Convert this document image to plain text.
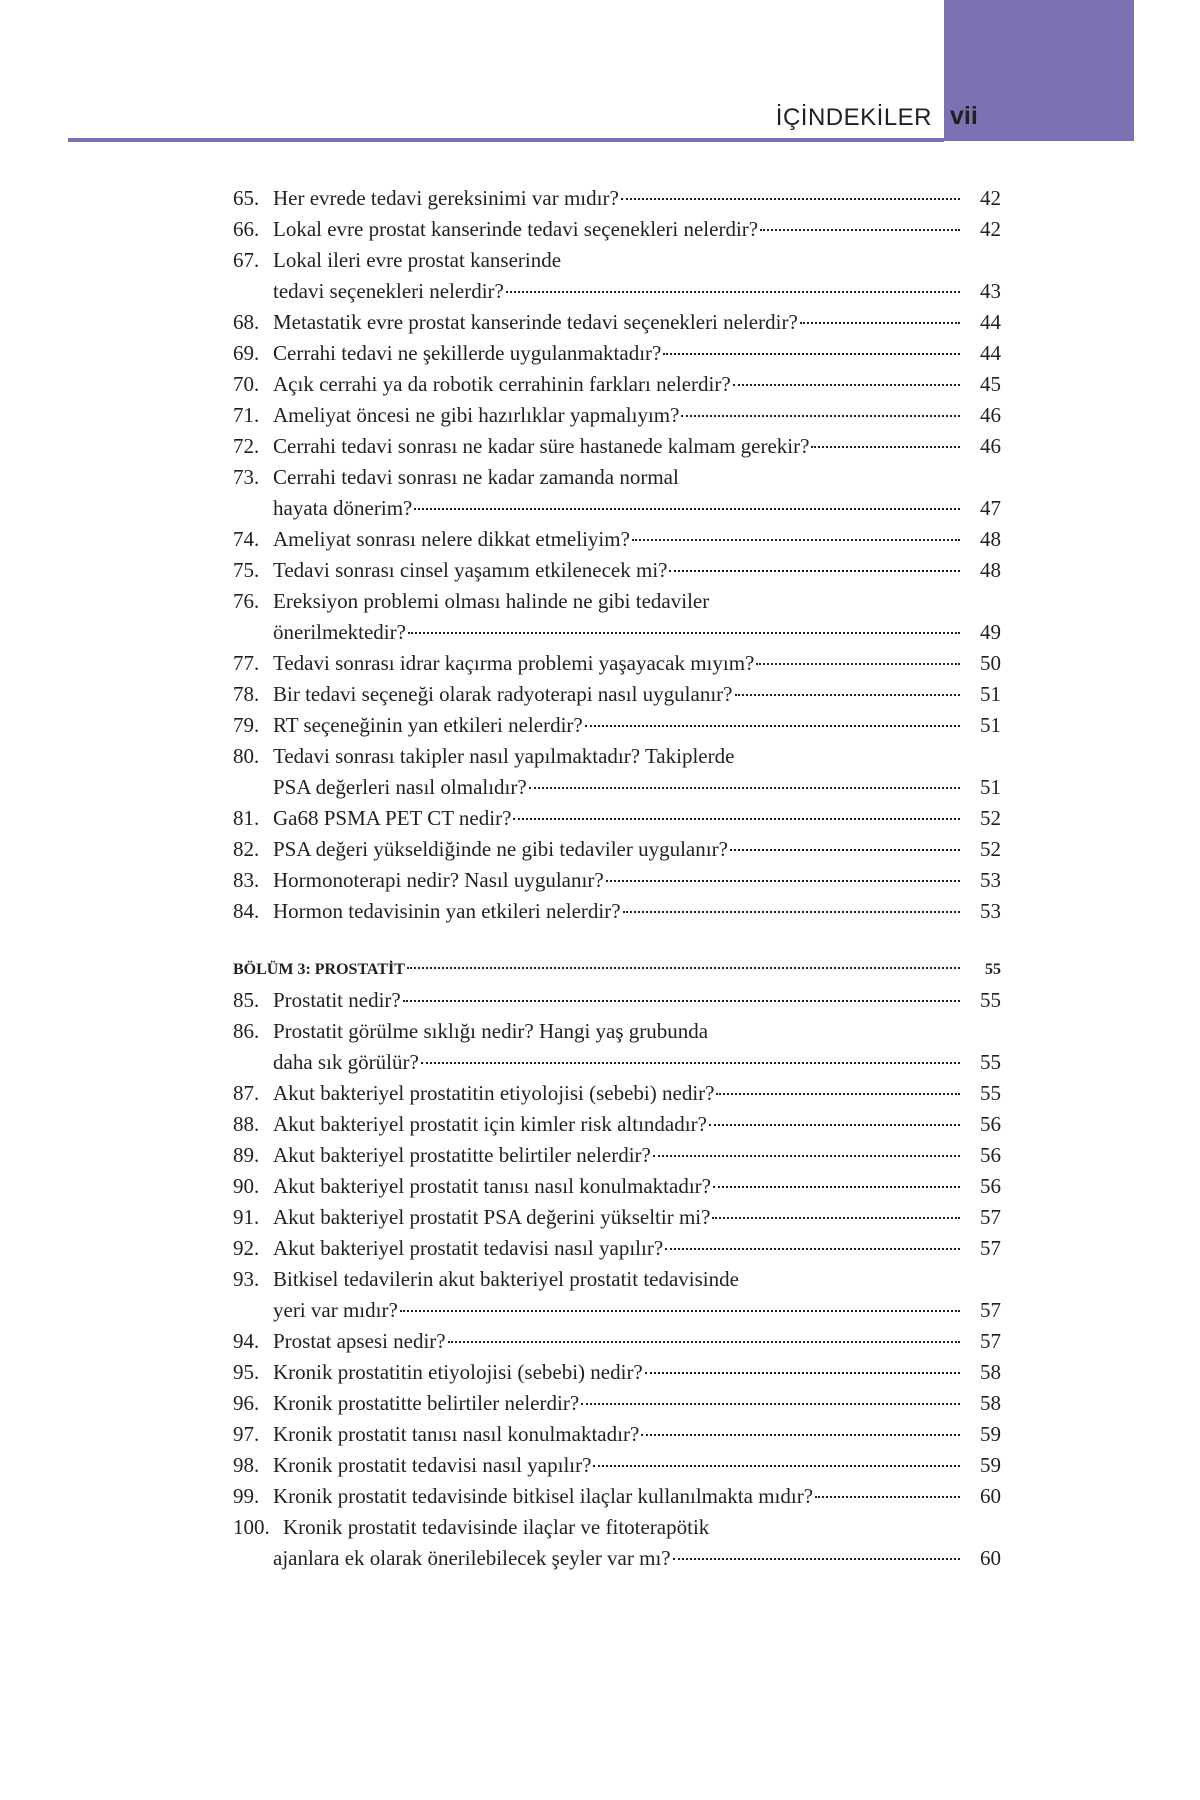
İÇİNDEKİLER vii
65. Her evrede tedavi gereksinimi var mıdır?	42
66. Lokal evre prostat kanserinde tedavi seçenekleri nelerdir?	42
67. Lokal ileri evre prostat kanserinde
tedavi seçenekleri nelerdir?	43
68. Metastatik evre prostat kanserinde tedavi seçenekleri nelerdir?	44
69. Cerrahi tedavi ne şekillerde uygulanmaktadır?	44
70. Açık cerrahi ya da robotik cerrahinin farkları nelerdir?	45
71. Ameliyat öncesi ne gibi hazırlıklar yapmalıyım?	46
72. Cerrahi tedavi sonrası ne kadar süre hastanede kalmam gerekir?	46
73. Cerrahi tedavi sonrası ne kadar zamanda normal
hayata dönerim?	47
74. Ameliyat sonrası nelere dikkat etmeliyim?	48
75. Tedavi sonrası cinsel yaşamım etkilenecek mi?	48
76. Ereksiyon problemi olması halinde ne gibi tedaviler
önerilmektedir?	49
77. Tedavi sonrası idrar kaçırma problemi yaşayacak mıyım?	50
78. Bir tedavi seçeneği olarak radyoterapi nasıl uygulanır?	51
79. RT seçeneğinin yan etkileri nelerdir?	51
80. Tedavi sonrası takipler nasıl yapılmaktadır? Takiplerde
PSA değerleri nasıl olmalıdır?	51
81. Ga68 PSMA PET CT nedir?	52
82. PSA değeri yükseldiğinde ne gibi tedaviler uygulanır?	52
83. Hormonoterapi nedir? Nasıl uygulanır?	53
84. Hormon tedavisinin yan etkileri nelerdir?	53
BÖLÜM 3: PROSTATİT	55
85. Prostatit nedir?	55
86. Prostatit görülme sıklığı nedir? Hangi yaş grubunda
daha sık görülür?	55
87. Akut bakteriyel prostatitin etiyolojisi (sebebi) nedir?	55
88. Akut bakteriyel prostatit için kimler risk altındadır?	56
89. Akut bakteriyel prostatitte belirtiler nelerdir?	56
90. Akut bakteriyel prostatit tanısı nasıl konulmaktadır?	56
91. Akut bakteriyel prostatit PSA değerini yükseltir mi?	57
92. Akut bakteriyel prostatit tedavisi nasıl yapılır?	57
93. Bitkisel tedavilerin akut bakteriyel prostatit tedavisinde
yeri var mıdır?	57
94. Prostat apsesi nedir?	57
95. Kronik prostatitin etiyolojisi (sebebi) nedir?	58
96. Kronik prostatitte belirtiler nelerdir?	58
97. Kronik prostatit tanısı nasıl konulmaktadır?	59
98. Kronik prostatit tedavisi nasıl yapılır?	59
99. Kronik prostatit tedavisinde bitkisel ilaçlar kullanılmakta mıdır?	60
100. Kronik prostatit tedavisinde ilaçlar ve fitoterapötik
ajanlara ek olarak önerilebilecek şeyler var mı?	60
